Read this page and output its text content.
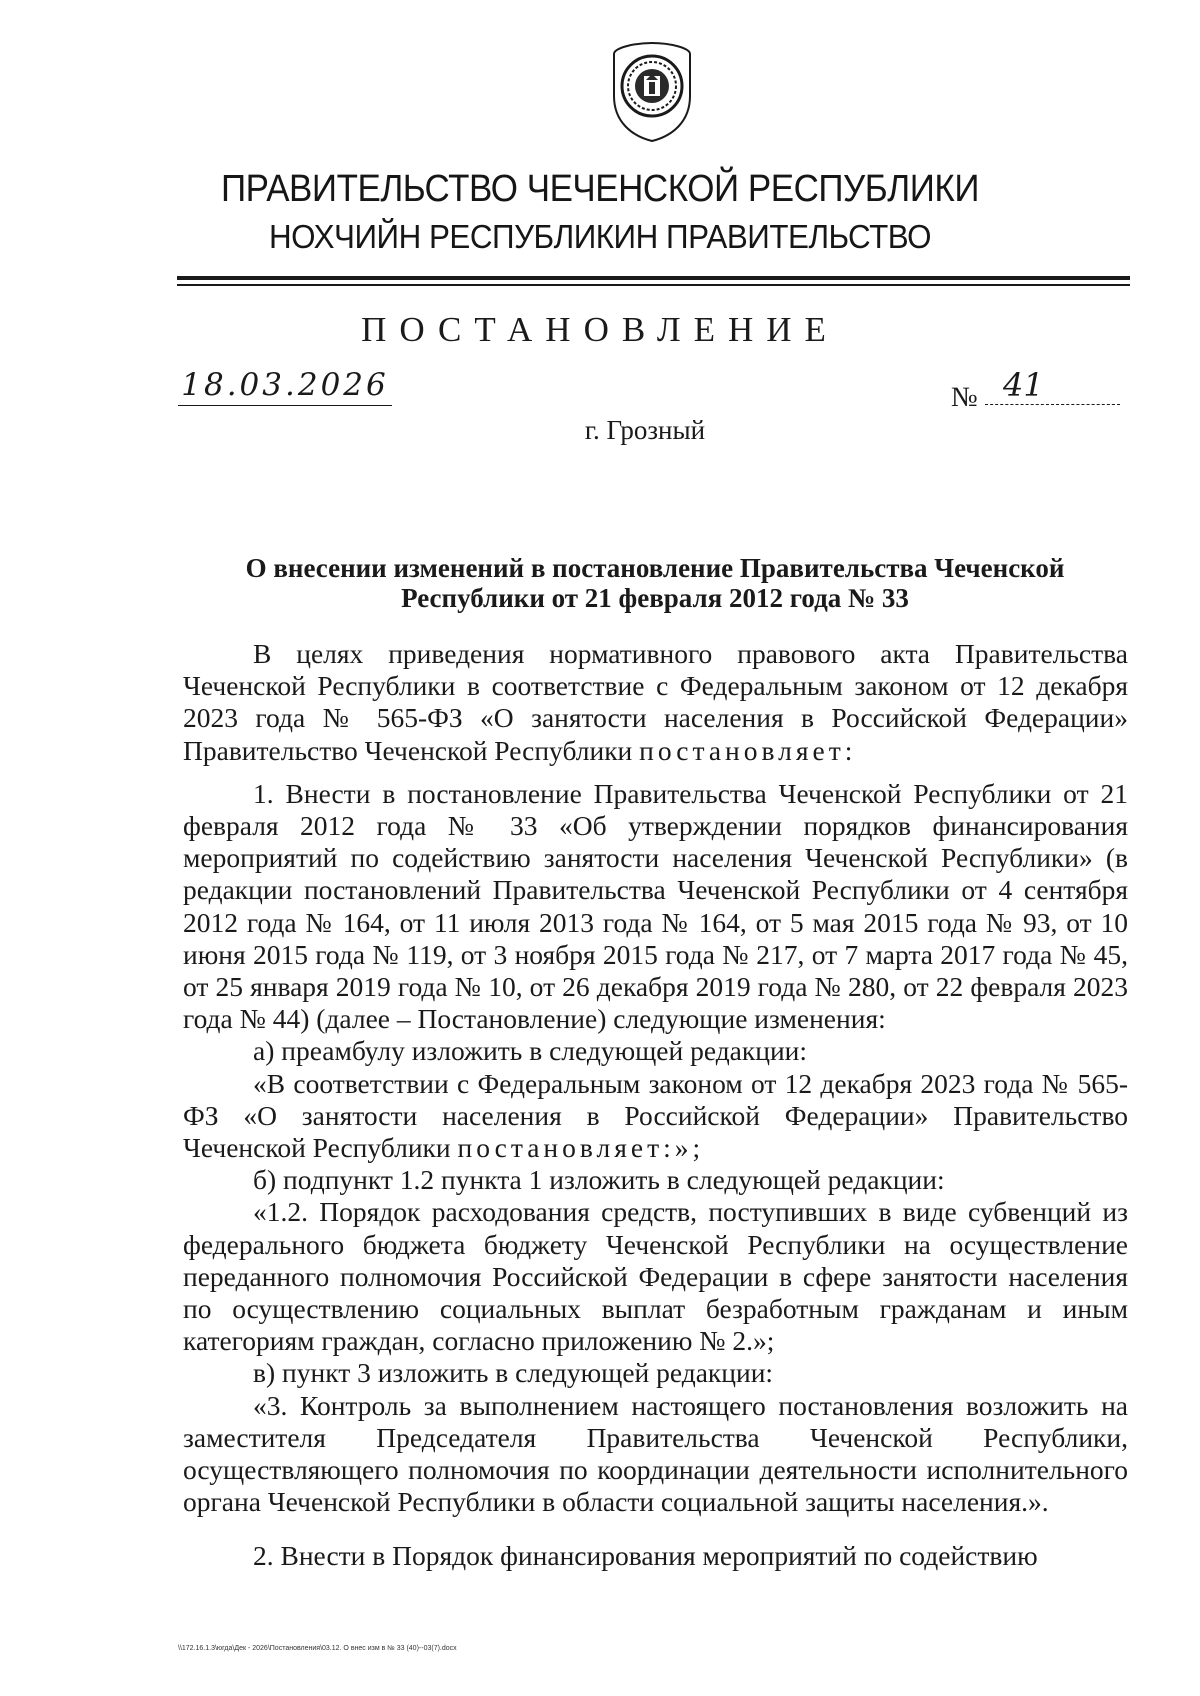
ПРАВИТЕЛЬСТВО ЧЕЧЕНСКОЙ РЕСПУБЛИКИ
НОХЧИЙН РЕСПУБЛИКИН ПРАВИТЕЛЬСТВО
ПОСТАНОВЛЕНИЕ
18.03.2026	№ 41
г. Грозный
О внесении изменений в постановление Правительства Чеченской
Республики от 21 февраля 2012 года № 33

В целях приведения нормативного правового акта Правительства Чеченской Республики в соответствие с Федеральным законом от 12 декабря 2023 года № 565-ФЗ «О занятости населения в Российской Федерации» Правительство Чеченской Республики постановляет:

1. Внести в постановление Правительства Чеченской Республики от 21 февраля 2012 года № 33 «Об утверждении порядков финансирования мероприятий по содействию занятости населения Чеченской Республики» (в редакции постановлений Правительства Чеченской Республики от 4 сентября 2012 года № 164, от 11 июля 2013 года № 164, от 5 мая 2015 года № 93, от 10 июня 2015 года № 119, от 3 ноября 2015 года № 217, от 7 марта 2017 года № 45, от 25 января 2019 года № 10, от 26 декабря 2019 года № 280, от 22 февраля 2023 года № 44) (далее – Постановление) следующие изменения:

а) преамбулу изложить в следующей редакции:

«В соответствии с Федеральным законом от 12 декабря 2023 года № 565-ФЗ «О занятости населения в Российской Федерации» Правительство Чеченской Республики постановляет:»;

б) подпункт 1.2 пункта 1 изложить в следующей редакции:

«1.2. Порядок расходования средств, поступивших в виде субвенций из федерального бюджета бюджету Чеченской Республики на осуществление переданного полномочия Российской Федерации в сфере занятости населения по осуществлению социальных выплат безработным гражданам и иным категориям граждан, согласно приложению № 2.»;

в) пункт 3 изложить в следующей редакции:

«3. Контроль за выполнением настоящего постановления возложить на заместителя Председателя Правительства Чеченской Республики, осуществляющего полномочия по координации деятельности исполнительного органа Чеченской Республики в области социальной защиты населения.».

2. Внести в Порядок финансирования мероприятий по содействию

\\172.16.1.3\югда\Дек - 2026\Постановления\03.12. О внес изм в № 33 (40)--03(7).docx
